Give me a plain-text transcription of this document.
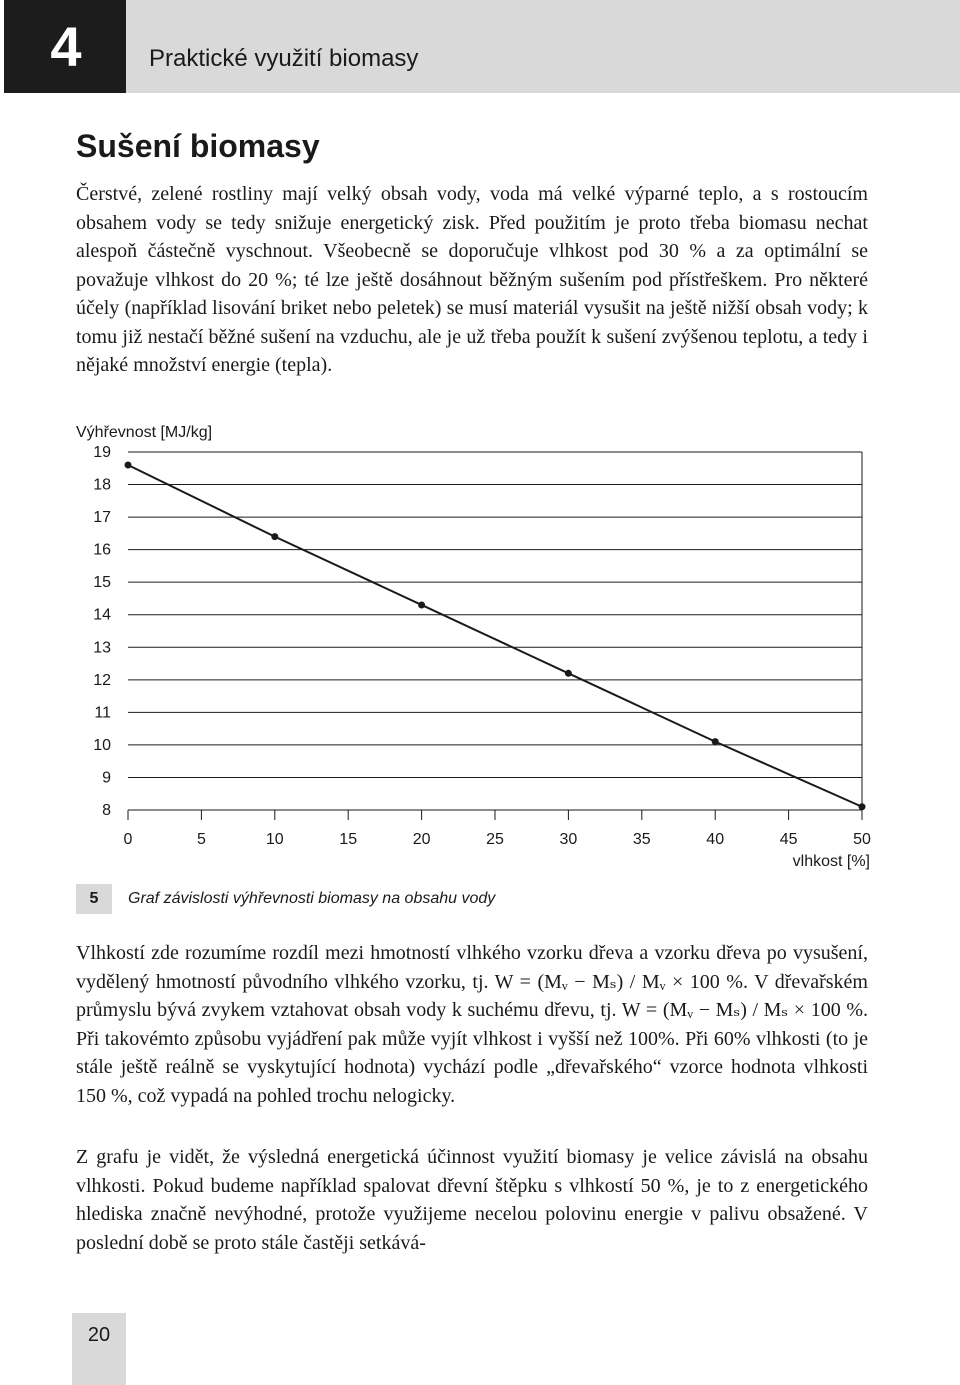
4	Praktické využití biomasy
Sušení biomasy

Čerstvé, zelené rostliny mají velký obsah vody, voda má velké výparné teplo, a s rostoucím obsahem vody se tedy snižuje energetický zisk. Před použitím je proto třeba biomasu nechat alespoň částečně vyschnout. Všeobecně se doporučuje vlhkost pod 30 % a za optimální se považuje vlhkost do 20 %; té lze ještě dosáhnout běžným sušením pod přístřeškem. Pro některé účely (například lisování briket nebo peletek) se musí materiál vysušit na ještě nižší obsah vody; k tomu již nestačí běžné sušení na vzduchu, ale je už třeba použít k sušení zvýšenou teplotu, a tedy i nějaké množství energie (tepla).

19
18
17
16
15
14
13
12
11
10
9
8
0	5	10	15	20	25	30	35	40	45	50
Výhřevnost [MJ/kg]
vlhkost [%]
5	Graf závislosti výhřevnosti biomasy na obsahu vody

Vlhkostí zde rozumíme rozdíl mezi hmotností vlhkého vzorku dřeva a vzorku dřeva po vysušení, vydělený hmotností původního vlhkého vzorku, tj. W = (Mᵥ − Mₛ) / Mᵥ × 100 %. V dřevařském průmyslu bývá zvykem vztahovat obsah vody k suchému dřevu, tj. W = (Mᵥ − Mₛ) / Mₛ × 100 %. Při takovémto způsobu vyjádření pak může vyjít vlhkost i vyšší než 100%. Při 60% vlhkosti (to je stále ještě reálně se vyskytující hodnota) vychází podle „dřevařského“ vzorce hodnota vlhkosti 150 %, což vypadá na pohled trochu nelogicky.

Z grafu je vidět, že výsledná energetická účinnost využití biomasy je velice závislá na obsahu vlhkosti. Pokud budeme například spalovat dřevní štěpku s vlhkostí 50 %, je to z energetického hlediska značně nevýhodné, protože využijeme necelou polovinu energie v palivu obsažené. V poslední době se proto stále častěji setkává-

20
